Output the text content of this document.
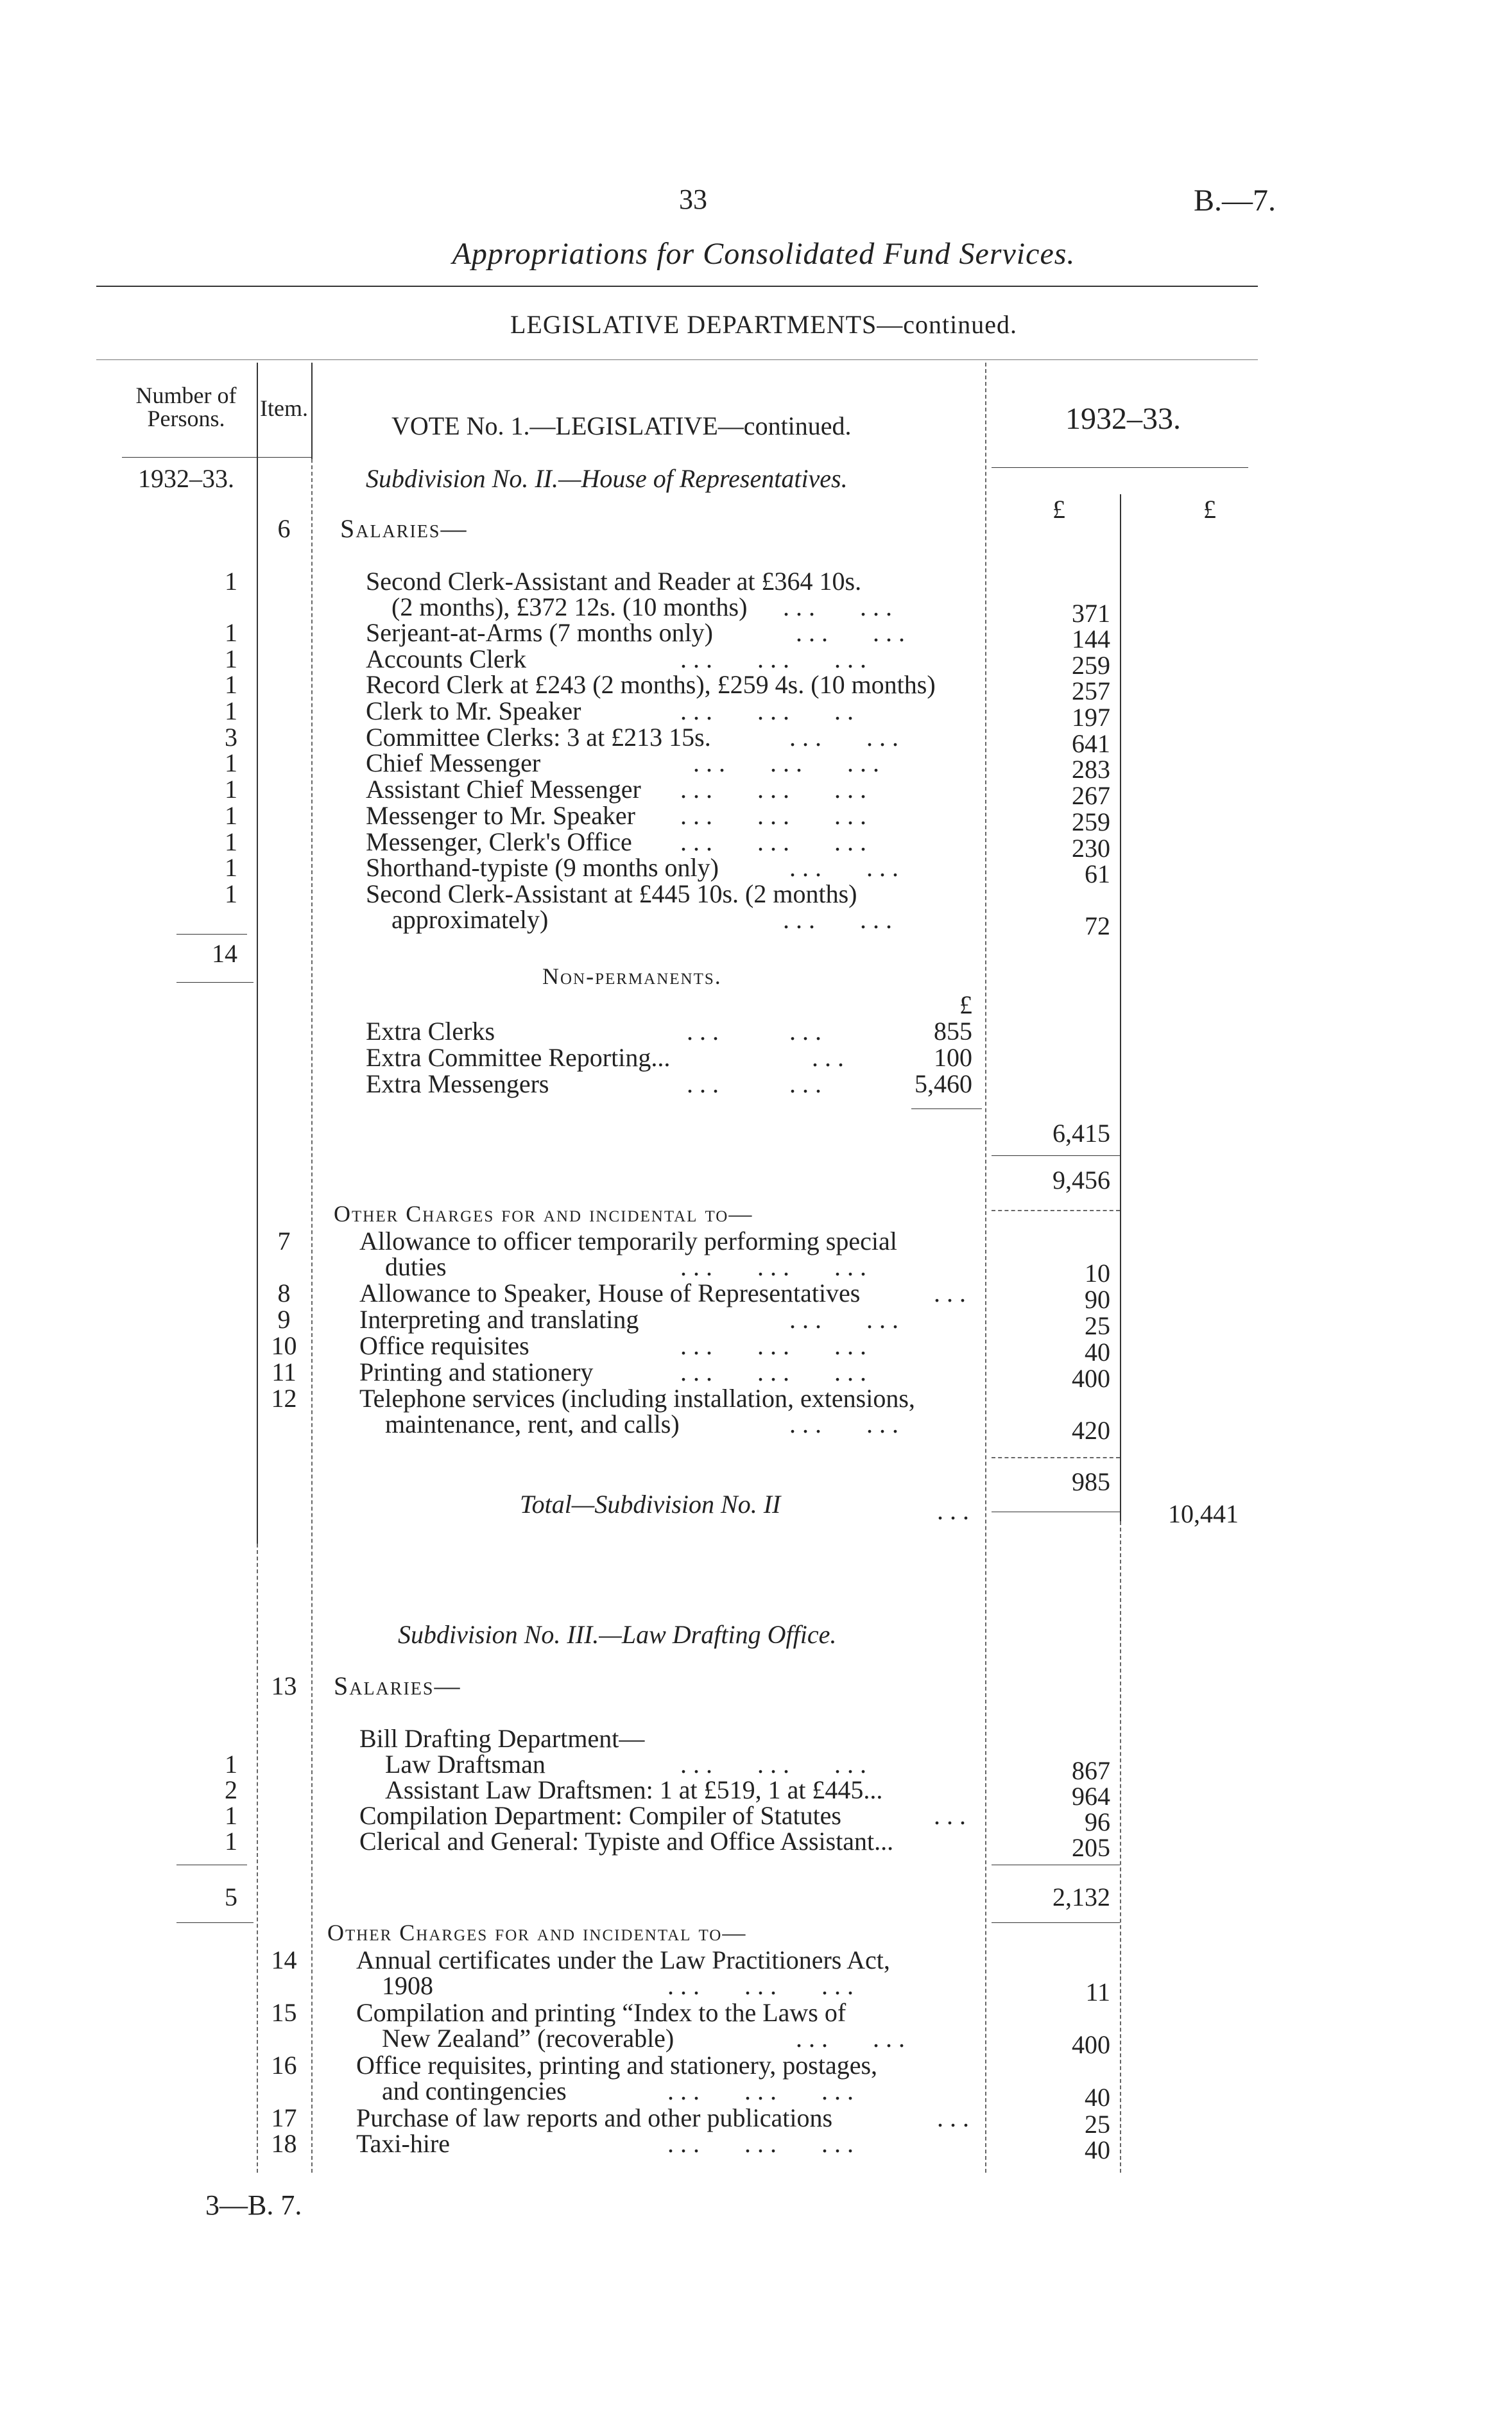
33	B.—7.
Appropriations for Consolidated Fund Services.
LEGISLATIVE DEPARTMENTS—continued.
Number of Persons.	Item.
VOTE No. 1.—LEGISLATIVE—continued.	1932–33.
1932–33.	Subdivision No. II.—House of Representatives.
£	£
6	Salaries—
1	Second Clerk-Assistant and Reader at £364 10s.
(2 months), £372 12s. (10 months) ...   ...	371
1	Serjeant-at-Arms (7 months only)	...   ...	144
1	Accounts Clerk	...   ...   ...	259
1	Record Clerk at £243 (2 months), £259 4s. (10 months)	257
1	Clerk to Mr. Speaker	...   ...   ..	197
3	Committee Clerks: 3 at £213 15s.	...   ...	641
1	Chief Messenger	...   ...   ...	283
1	Assistant Chief Messenger ...   ...   ...	267
1	Messenger to Mr. Speaker ...   ...   ...	259
1	Messenger, Clerk's Office ...   ...   ...	230
1	Shorthand-typiste (9 months only)	...   ...	61
1	Second Clerk-Assistant at £445 10s. (2 months)
approximately)	...   ...	72
14
Non-permanents.
£
Extra Clerks	...     ...	855
Extra Committee Reporting...	...	100
Extra Messengers	...     ...	5,460
6,415
9,456
Other Charges for and incidental to—
7	Allowance to officer temporarily performing special
duties	...   ...   ...	10
8	Allowance to Speaker, House of Representatives	...	90
9	Interpreting and translating	...   ...	25
10	Office requisites	...   ...   ...	40
11	Printing and stationery	...   ...   ...	400
12	Telephone services (including installation, extensions,
maintenance, rent, and calls)	...   ...	420
985
Total—Subdivision No. II	...	10,441
Subdivision No. III.—Law Drafting Office.
13	Salaries—
Bill Drafting Department—
1	Law Draftsman	...   ...   ...	867
2	Assistant Law Draftsmen: 1 at £519, 1 at £445...	964
1	Compilation Department: Compiler of Statutes	...	96
1	Clerical and General: Typiste and Office Assistant...	205
5	2,132
Other Charges for and incidental to—
14	Annual certificates under the Law Practitioners Act,
1908	...   ...   ...	11
15	Compilation and printing “Index to the Laws of
New Zealand” (recoverable)	...   ...	400
16	Office requisites, printing and stationery, postages,
and contingencies	...   ...   ...	40
17	Purchase of law reports and other publications	...	25
18	Taxi-hire	...   ...   ...	40
3—B. 7.
